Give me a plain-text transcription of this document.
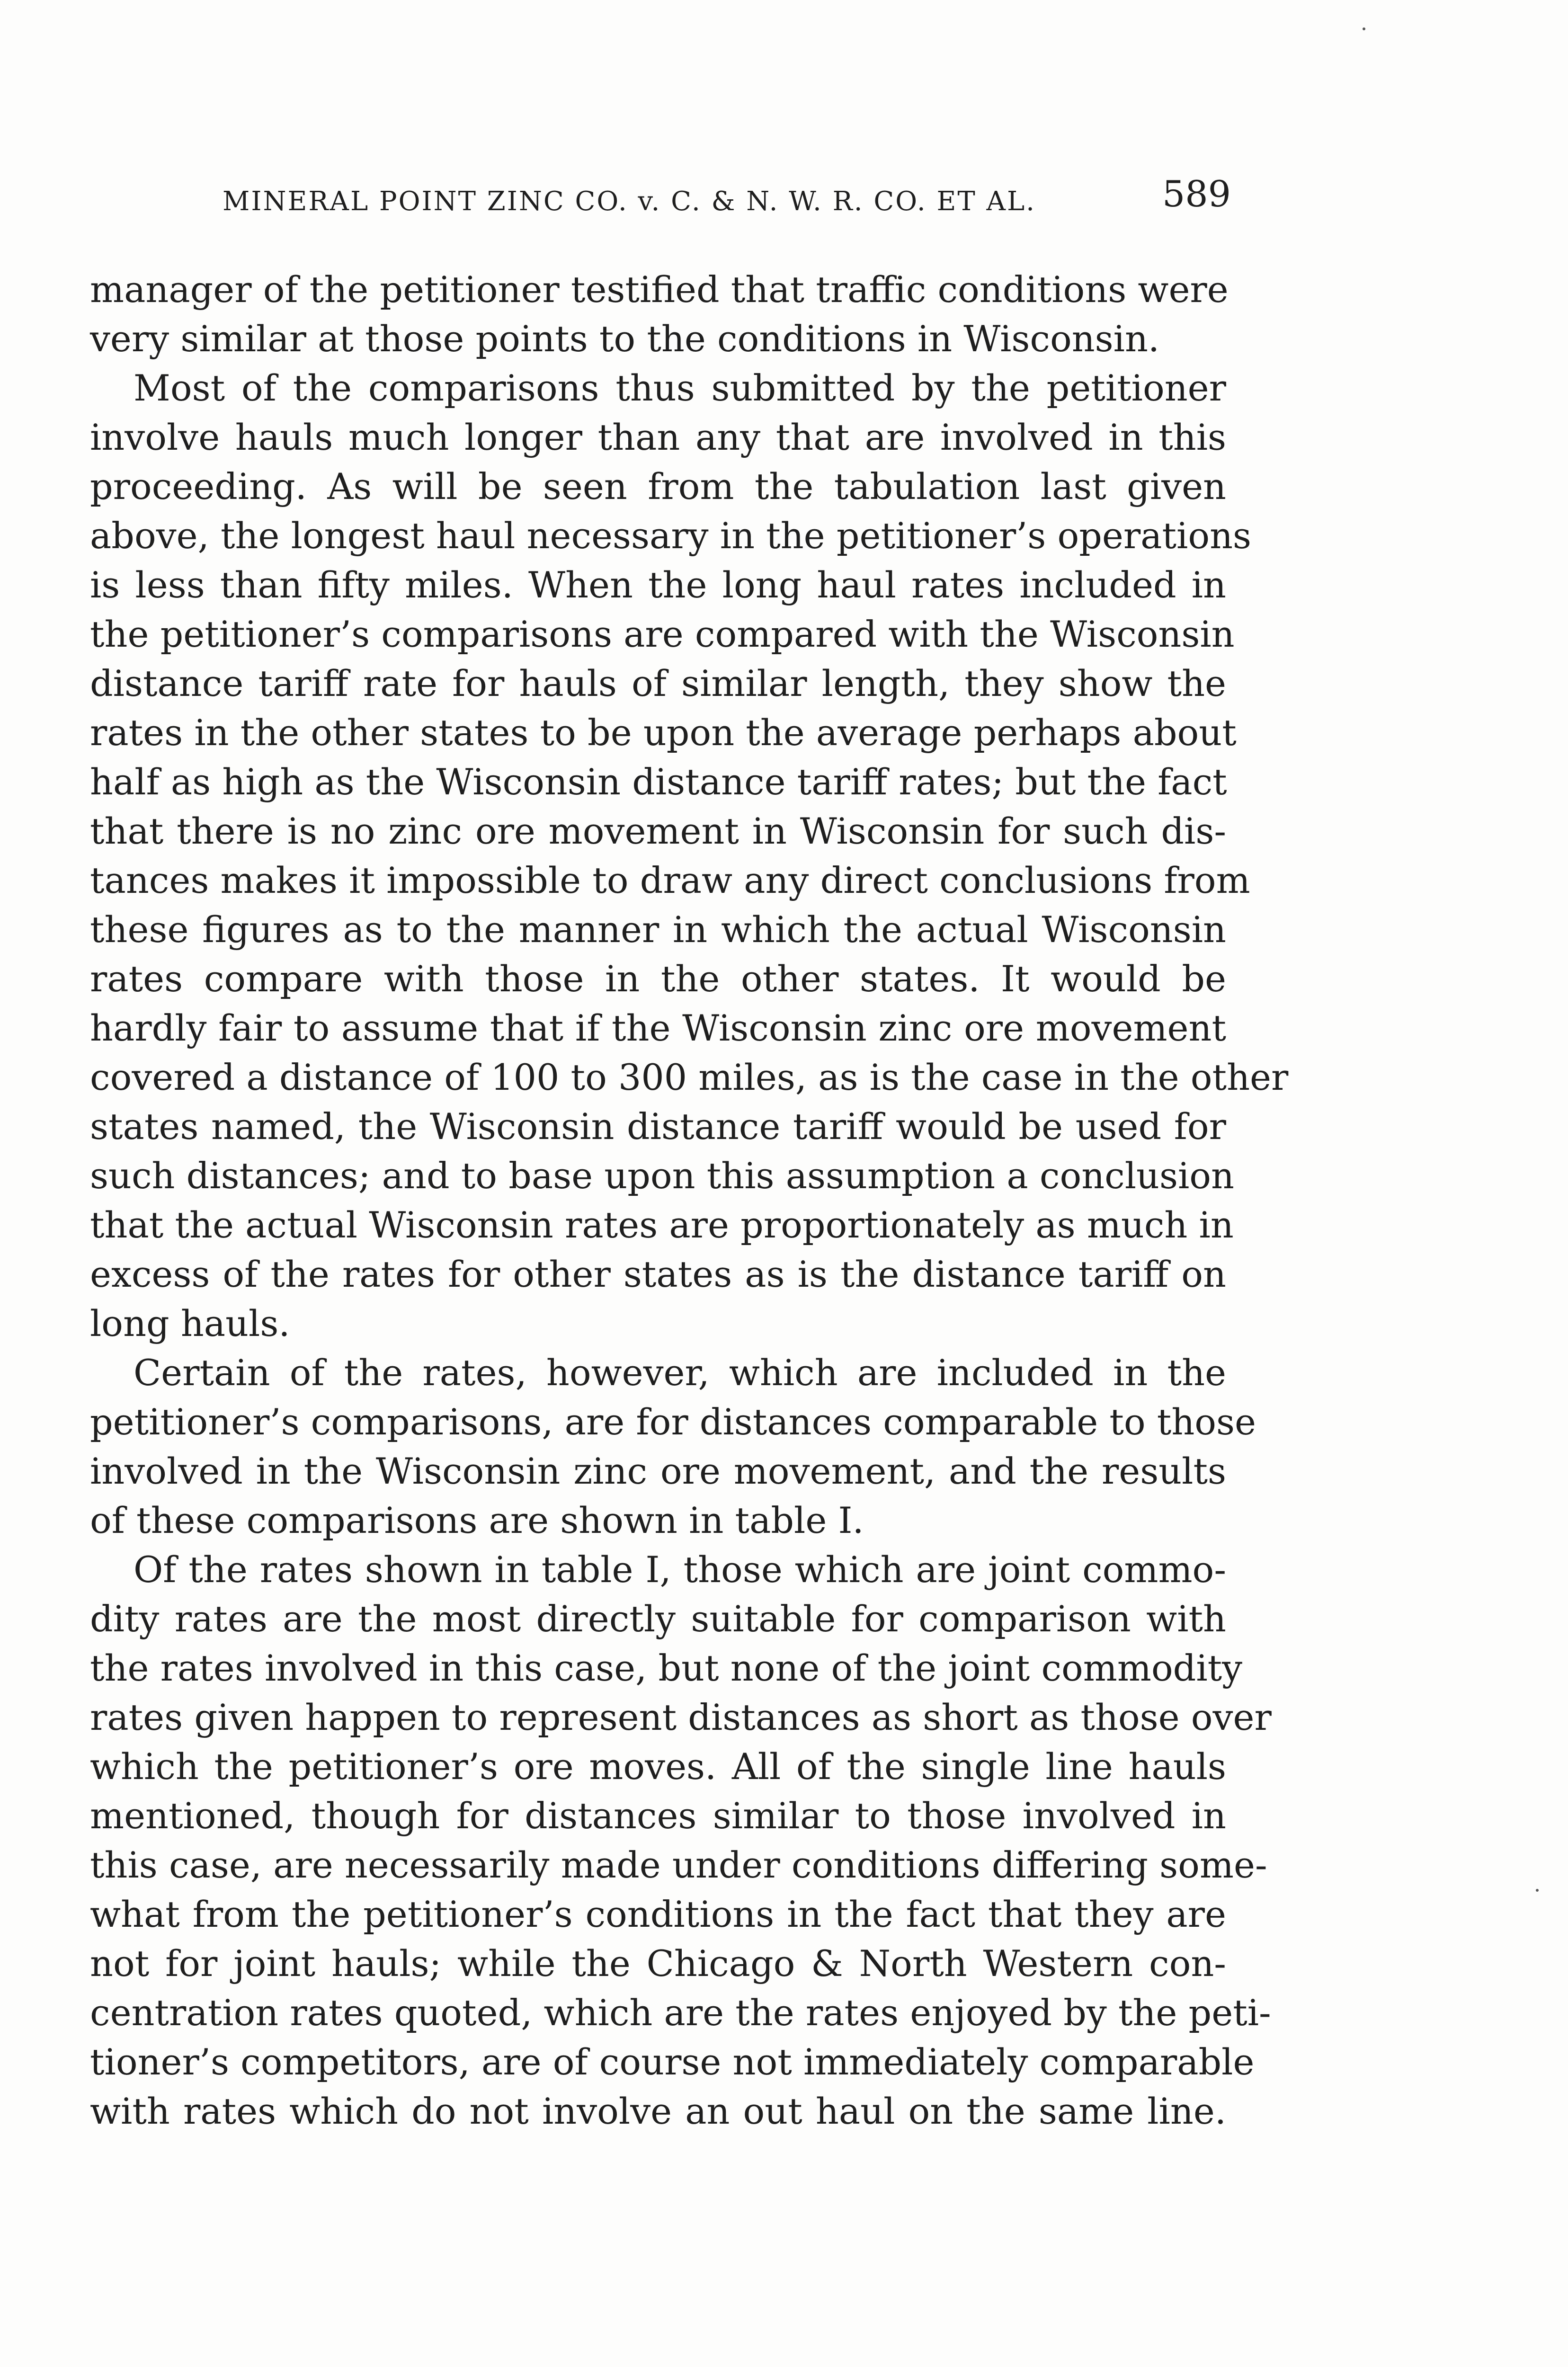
MINERAL POINT ZINC CO. v. C. & N. W. R. CO. ET AL.	589
manager of the petitioner testified that traffic conditions were
very similar at those points to the conditions in Wisconsin.
Most of the comparisons thus submitted by the petitioner
involve hauls much longer than any that are involved in this
proceeding. As will be seen from the tabulation last given
above, the longest haul necessary in the petitioner’s operations
is less than fifty miles. When the long haul rates included in
the petitioner’s comparisons are compared with the Wisconsin
distance tariff rate for hauls of similar length, they show the
rates in the other states to be upon the average perhaps about
half as high as the Wisconsin distance tariff rates; but the fact
that there is no zinc ore movement in Wisconsin for such dis-
tances makes it impossible to draw any direct conclusions from
these figures as to the manner in which the actual Wisconsin
rates compare with those in the other states. It would be
hardly fair to assume that if the Wisconsin zinc ore movement
covered a distance of 100 to 300 miles, as is the case in the other
states named, the Wisconsin distance tariff would be used for
such distances; and to base upon this assumption a conclusion
that the actual Wisconsin rates are proportionately as much in
excess of the rates for other states as is the distance tariff on
long hauls.
Certain of the rates, however, which are included in the
petitioner’s comparisons, are for distances comparable to those
involved in the Wisconsin zinc ore movement, and the results
of these comparisons are shown in table I.
Of the rates shown in table I, those which are joint commo-
dity rates are the most directly suitable for comparison with
the rates involved in this case, but none of the joint commodity
rates given happen to represent distances as short as those over
which the petitioner’s ore moves. All of the single line hauls
mentioned, though for distances similar to those involved in
this case, are necessarily made under conditions differing some-
what from the petitioner’s conditions in the fact that they are
not for joint hauls; while the Chicago & North Western con-
centration rates quoted, which are the rates enjoyed by the peti-
tioner’s competitors, are of course not immediately comparable
with rates which do not involve an out haul on the same line.
